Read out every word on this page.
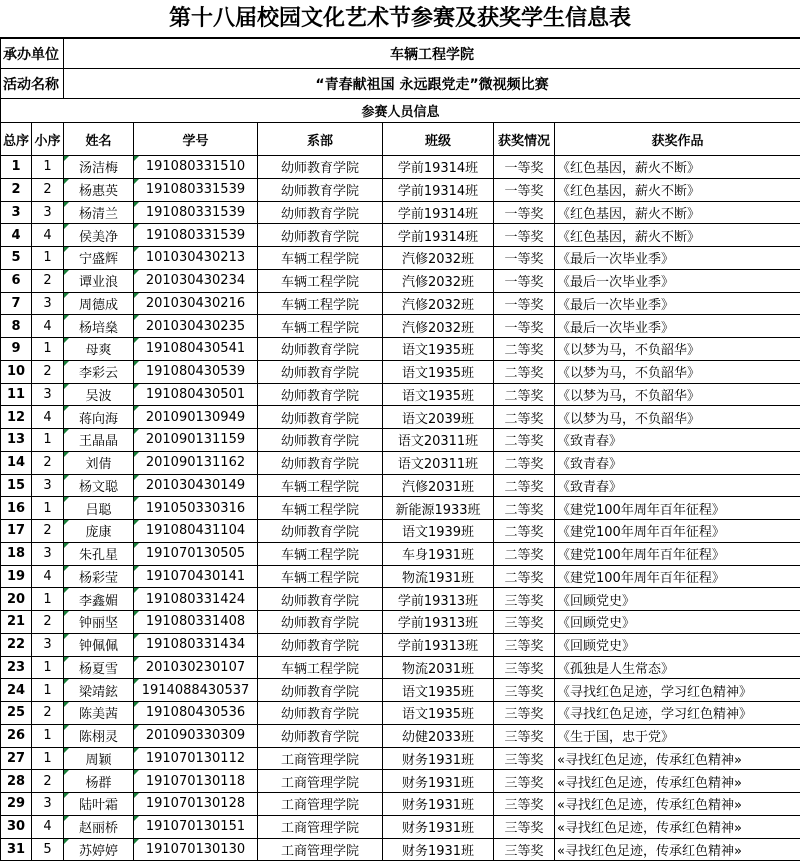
第十八届校园文化艺术节参赛及获奖学生信息表
承办单位		车辆工程学院					
活动名称		“青春献祖国 永远跟党走”微视频比赛					
参赛人员信息							
总序	小序	姓名	学号	系部	班级	获奖情况	获奖作品
1	1	汤洁梅	191080331510	幼师教育学院	学前19314班	一等奖	《红色基因，薪火不断》
2	2	杨惠英	191080331539	幼师教育学院	学前19314班	一等奖	《红色基因，薪火不断》
3	3	杨清兰	191080331539	幼师教育学院	学前19314班	一等奖	《红色基因，薪火不断》
4	4	侯美净	191080331539	幼师教育学院	学前19314班	一等奖	《红色基因，薪火不断》
5	1	宁盛辉	101030430213	车辆工程学院	汽修2032班	一等奖	《最后一次毕业季》
6	2	谭业浪	201030430234	车辆工程学院	汽修2032班	一等奖	《最后一次毕业季》
7	3	周德成	201030430216	车辆工程学院	汽修2032班	一等奖	《最后一次毕业季》
8	4	杨培燊	201030430235	车辆工程学院	汽修2032班	一等奖	《最后一次毕业季》
9	1	母爽	191080430541	幼师教育学院	语文1935班	二等奖	《以梦为马，不负韶华》
10	2	李彩云	191080430539	幼师教育学院	语文1935班	二等奖	《以梦为马，不负韶华》
11	3	吴波	191080430501	幼师教育学院	语文1935班	二等奖	《以梦为马，不负韶华》
12	4	蒋向海	201090130949	幼师教育学院	语文2039班	二等奖	《以梦为马，不负韶华》
13	1	王晶晶	201090131159	幼师教育学院	语文20311班	二等奖	《致青春》
14	2	刘倩	201090131162	幼师教育学院	语文20311班	二等奖	《致青春》
15	3	杨文聪	201030430149	车辆工程学院	汽修2031班	二等奖	《致青春》
16	1	吕聪	191050330316	车辆工程学院	新能源1933班	二等奖	《建党100年周年百年征程》
17	2	庞康	191080431104	幼师教育学院	语文1939班	二等奖	《建党100年周年百年征程》
18	3	朱孔星	191070130505	车辆工程学院	车身1931班	二等奖	《建党100年周年百年征程》
19	4	杨彩莹	191070430141	车辆工程学院	物流1931班	二等奖	《建党100年周年百年征程》
20	1	李鑫媚	191080331424	幼师教育学院	学前19313班	三等奖	《回顾党史》
21	2	钟丽坚	191080331408	幼师教育学院	学前19313班	三等奖	《回顾党史》
22	3	钟佩佩	191080331434	幼师教育学院	学前19313班	三等奖	《回顾党史》
23	1	杨夏雪	201030230107	车辆工程学院	物流2031班	三等奖	《孤独是人生常态》
24	1	梁靖鉉	1914088430537	幼师教育学院	语文1935班	三等奖	《寻找红色足迹，学习红色精神》
25	2	陈美茜	191080430536	幼师教育学院	语文1935班	三等奖	《寻找红色足迹，学习红色精神》
26	1	陈栩灵	201090330309	幼师教育学院	幼健2033班	三等奖	《生于国，忠于党》
27	1	周颖	191070130112	工商管理学院	财务1931班	三等奖	«寻找红色足迹，传承红色精神»
28	2	杨群	191070130118	工商管理学院	财务1931班	三等奖	«寻找红色足迹，传承红色精神»
29	3	陆叶霜	191070130128	工商管理学院	财务1931班	三等奖	«寻找红色足迹，传承红色精神»
30	4	赵丽桥	191070130151	工商管理学院	财务1931班	三等奖	«寻找红色足迹，传承红色精神»
31	5	苏婷婷	191070130130	工商管理学院	财务1931班	三等奖	«寻找红色足迹，传承红色精神»
